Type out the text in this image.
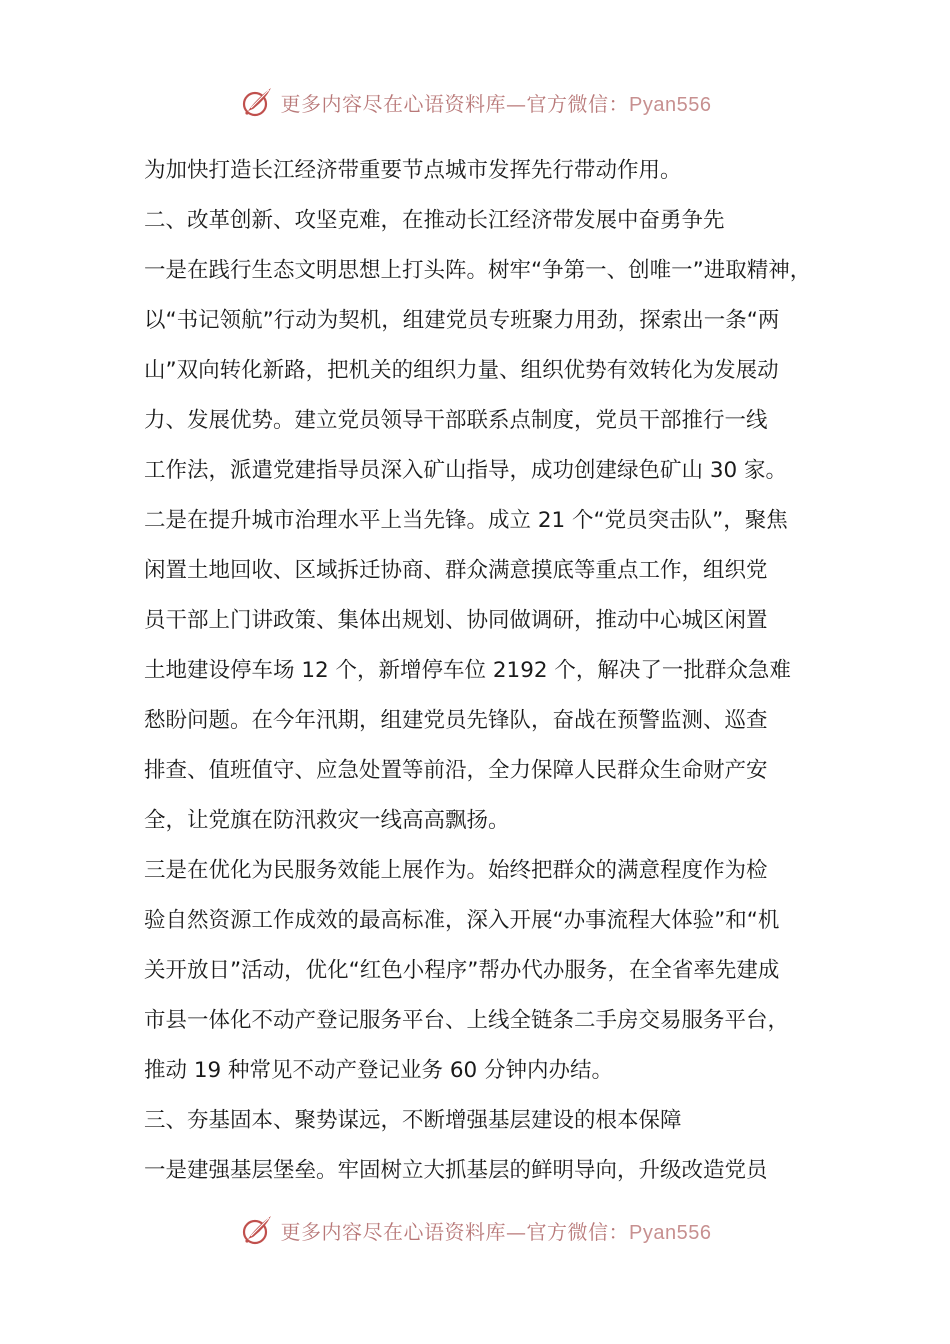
更多内容尽在心语资料库—官方微信：Pyan556
为加快打造长江经济带重要节点城市发挥先行带动作用。
二、改革创新、攻坚克难，在推动长江经济带发展中奋勇争先
一是在践行生态文明思想上打头阵。树牢“争第一、创唯一”进取精神，
以“书记领航”行动为契机，组建党员专班聚力用劲，探索出一条“两
山”双向转化新路，把机关的组织力量、组织优势有效转化为发展动
力、发展优势。建立党员领导干部联系点制度，党员干部推行一线
工作法，派遣党建指导员深入矿山指导，成功创建绿色矿山 30 家。
二是在提升城市治理水平上当先锋。成立 21 个“党员突击队”，聚焦
闲置土地回收、区域拆迁协商、群众满意摸底等重点工作，组织党
员干部上门讲政策、集体出规划、协同做调研，推动中心城区闲置
土地建设停车场 12 个，新增停车位 2192 个，解决了一批群众急难
愁盼问题。在今年汛期，组建党员先锋队，奋战在预警监测、巡查
排查、值班值守、应急处置等前沿，全力保障人民群众生命财产安
全，让党旗在防汛救灾一线高高飘扬。
三是在优化为民服务效能上展作为。始终把群众的满意程度作为检
验自然资源工作成效的最高标准，深入开展“办事流程大体验”和“机
关开放日”活动，优化“红色小程序”帮办代办服务，在全省率先建成
市县一体化不动产登记服务平台、上线全链条二手房交易服务平台，
推动 19 种常见不动产登记业务 60 分钟内办结。
三、夯基固本、聚势谋远，不断增强基层建设的根本保障
一是建强基层堡垒。牢固树立大抓基层的鲜明导向，升级改造党员
更多内容尽在心语资料库—官方微信：Pyan556
